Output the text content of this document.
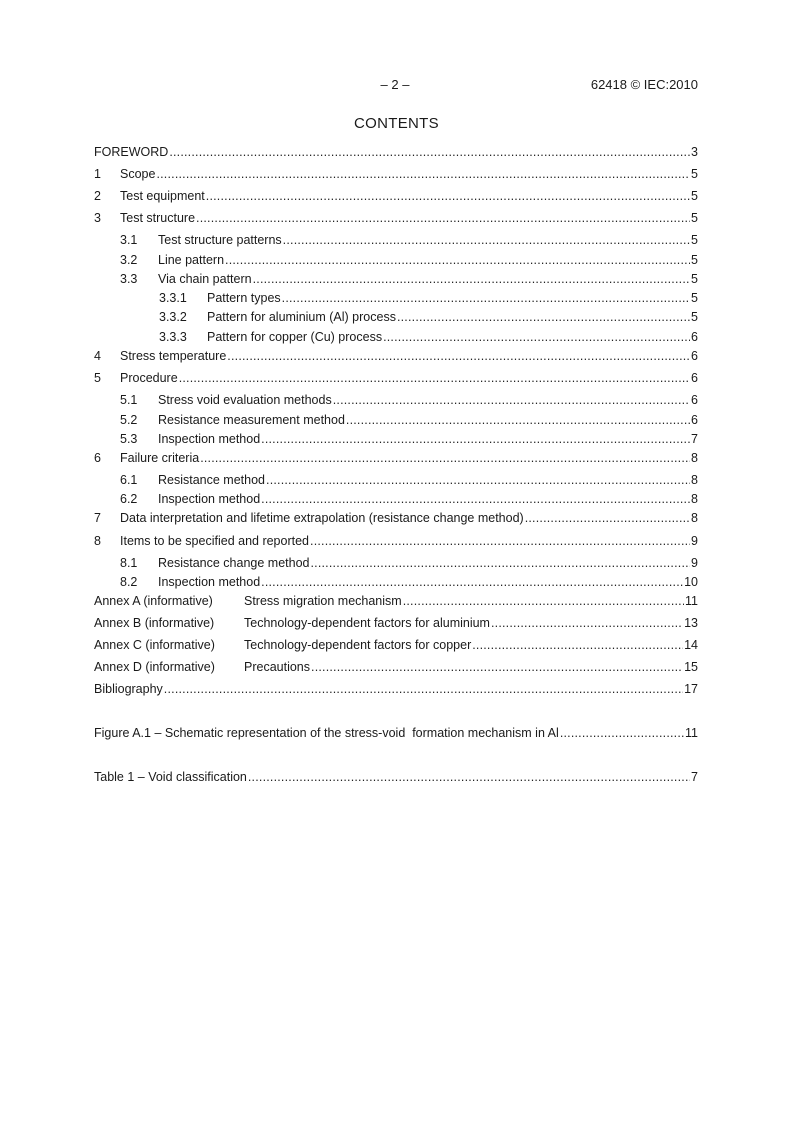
– 2 –	62418 © IEC:2010
CONTENTS
FOREWORD .....	3
1	Scope .....	5
2	Test equipment .....	5
3	Test structure .....	5
3.1	Test structure patterns .....	5
3.2	Line pattern .....	5
3.3	Via chain pattern .....	5
3.3.1	Pattern types .....	5
3.3.2	Pattern for aluminium (Al) process .....	5
3.3.3	Pattern for copper (Cu) process .....	6
4	Stress temperature .....	6
5	Procedure .....	6
5.1	Stress void evaluation methods .....	6
5.2	Resistance measurement method .....	6
5.3	Inspection method .....	7
6	Failure criteria .....	8
6.1	Resistance method .....	8
6.2	Inspection method .....	8
7	Data interpretation and lifetime extrapolation (resistance change method) .....	8
8	Items to be specified and reported .....	9
8.1	Resistance change method .....	9
8.2	Inspection method .....	10
Annex A (informative)	Stress migration mechanism .....	11
Annex B (informative)	Technology-dependent factors for aluminium .....	13
Annex C (informative)	Technology-dependent factors for copper .....	14
Annex D (informative)	Precautions .....	15
Bibliography .....	17
Figure A.1 – Schematic representation of the stress-void  formation mechanism in Al .....	11
Table 1 – Void classification .....	7
